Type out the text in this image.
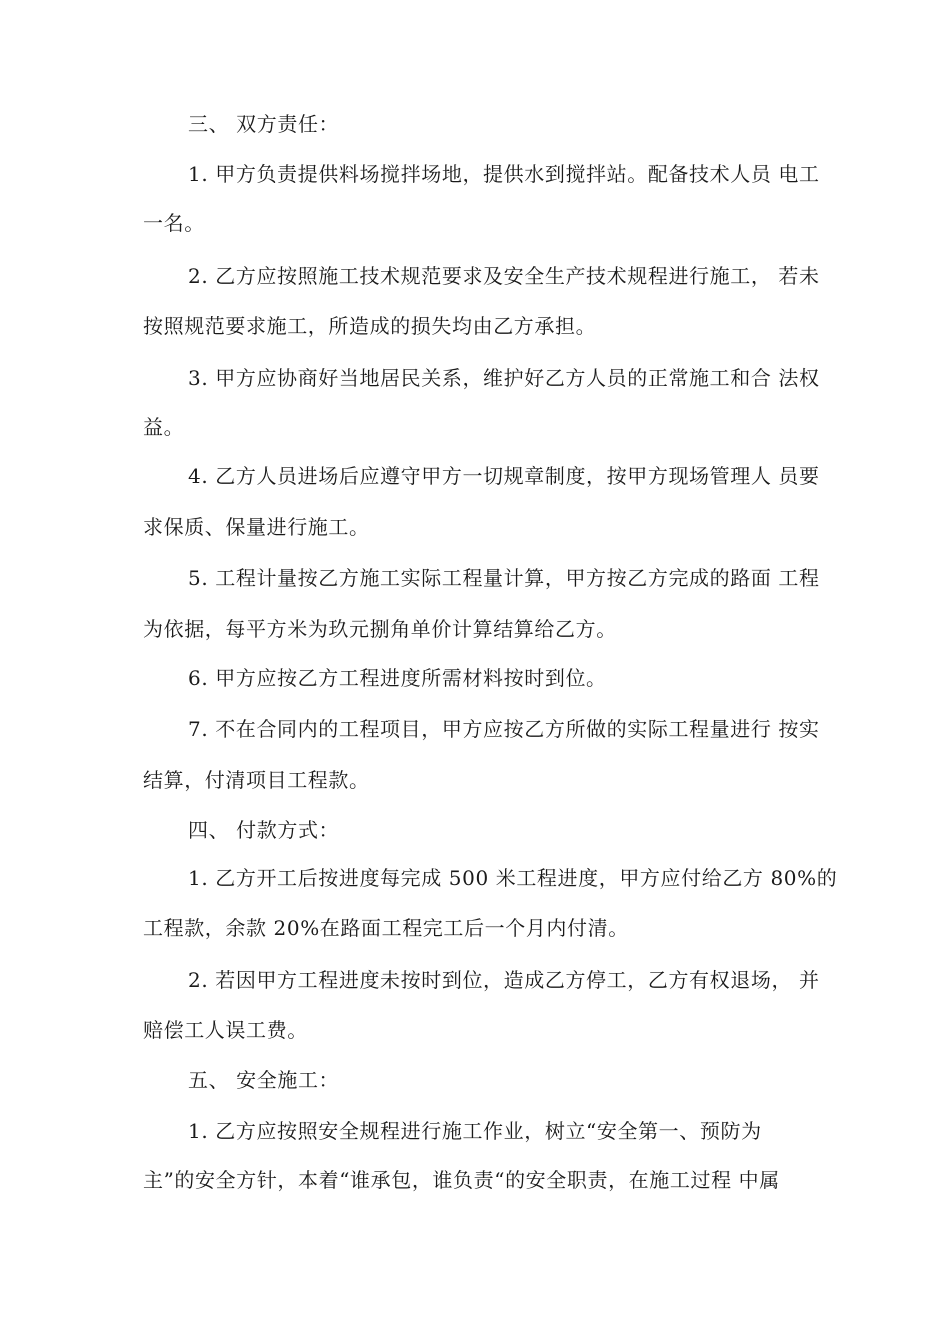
三、 双方责任：
1. 甲方负责提供料场搅拌场地，提供水到搅拌站。配备技术人员 电工
一名。
2. 乙方应按照施工技术规范要求及安全生产技术规程进行施工， 若未
按照规范要求施工，所造成的损失均由乙方承担。
3. 甲方应协商好当地居民关系，维护好乙方人员的正常施工和合 法权
益。
4. 乙方人员进场后应遵守甲方一切规章制度，按甲方现场管理人 员要
求保质、保量进行施工。
5. 工程计量按乙方施工实际工程量计算，甲方按乙方完成的路面 工程
为依据，每平方米为玖元捌角单价计算结算给乙方。
6. 甲方应按乙方工程进度所需材料按时到位。
7. 不在合同内的工程项目，甲方应按乙方所做的实际工程量进行 按实
结算，付清项目工程款。
四、 付款方式：
1. 乙方开工后按进度每完成 500 米工程进度，甲方应付给乙方 80%的
工程款，余款 20%在路面工程完工后一个月内付清。
2. 若因甲方工程进度未按时到位，造成乙方停工，乙方有权退场， 并
赔偿工人误工费。
五、 安全施工：
1. 乙方应按照安全规程进行施工作业，树立“安全第一、预防为
主”的安全方针，本着“谁承包，谁负责“的安全职责，在施工过程 中属
